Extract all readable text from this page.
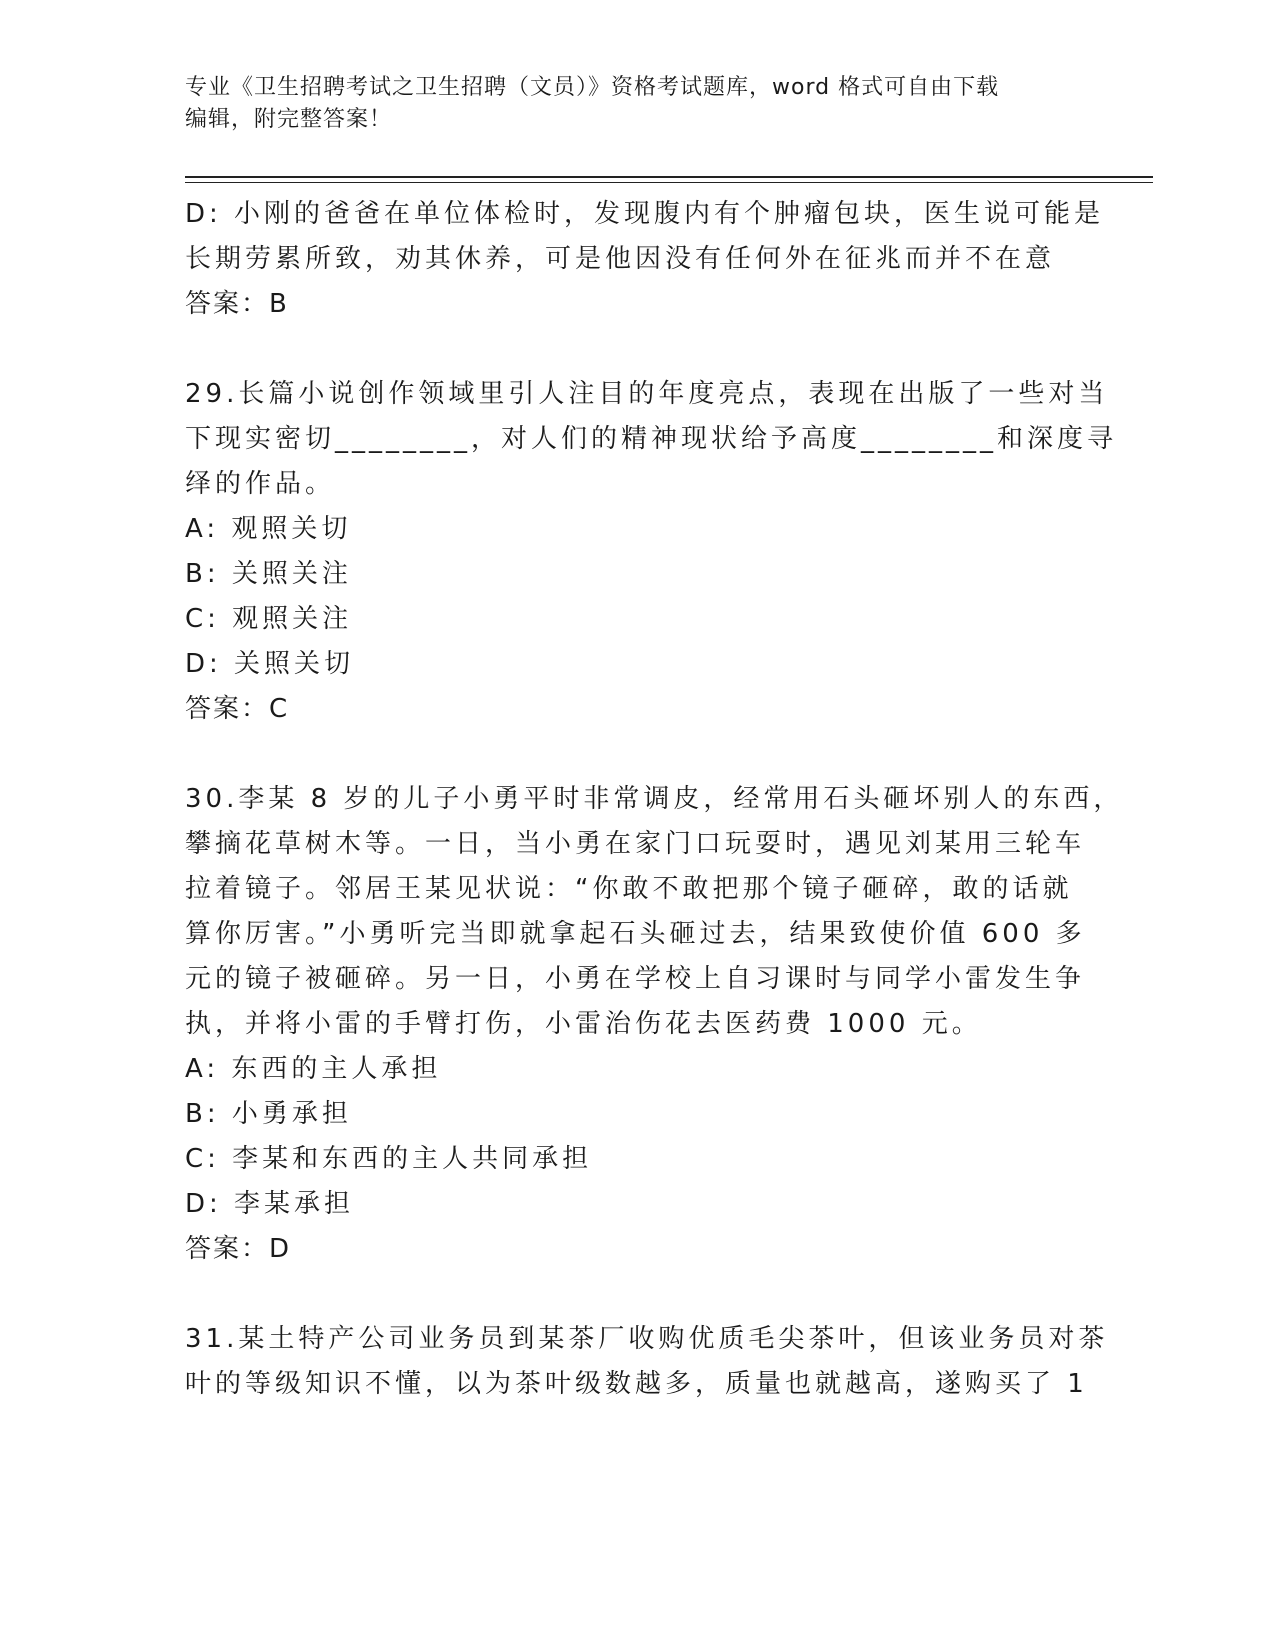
专业《卫生招聘考试之卫生招聘（文员）》资格考试题库，word 格式可自由下载
编辑，附完整答案！
D: 小刚的爸爸在单位体检时，发现腹内有个肿瘤包块，医生说可能是
长期劳累所致，劝其休养，可是他因没有任何外在征兆而并不在意
答案：B
29.长篇小说创作领域里引人注目的年度亮点，表现在出版了一些对当
下现实密切________，对人们的精神现状给予高度________和深度寻
绎的作品。
A: 观照关切
B: 关照关注
C: 观照关注
D: 关照关切
答案：C
30.李某 8 岁的儿子小勇平时非常调皮，经常用石头砸坏别人的东西，
攀摘花草树木等。一日，当小勇在家门口玩耍时，遇见刘某用三轮车
拉着镜子。邻居王某见状说：“你敢不敢把那个镜子砸碎，敢的话就
算你厉害。”小勇听完当即就拿起石头砸过去，结果致使价值 600 多
元的镜子被砸碎。另一日，小勇在学校上自习课时与同学小雷发生争
执，并将小雷的手臂打伤，小雷治伤花去医药费 1000 元。
A: 东西的主人承担
B: 小勇承担
C: 李某和东西的主人共同承担
D: 李某承担
答案：D
31.某土特产公司业务员到某茶厂收购优质毛尖茶叶，但该业务员对茶
叶的等级知识不懂，以为茶叶级数越多，质量也就越高，遂购买了 1
